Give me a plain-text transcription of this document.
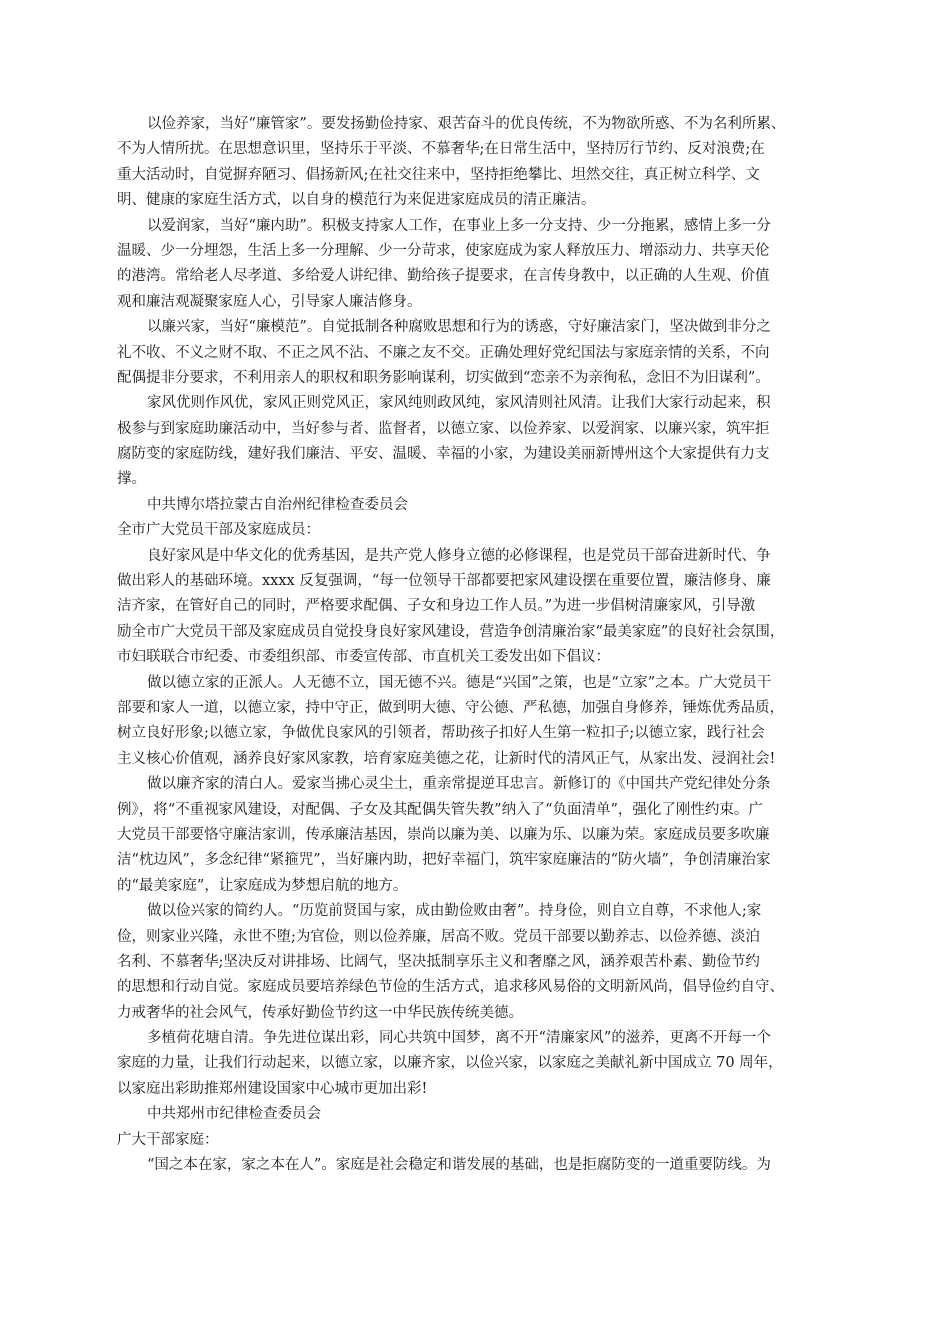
以俭养家，当好“廉管家”。要发扬勤俭持家、艰苦奋斗的优良传统，不为物欲所惑、不为名利所累、
不为人情所扰。在思想意识里，坚持乐于平淡、不慕奢华;在日常生活中，坚持厉行节约、反对浪费;在
重大活动时，自觉摒弃陋习、倡扬新风;在社交往来中，坚持拒绝攀比、坦然交往，真正树立科学、文
明、健康的家庭生活方式，以自身的模范行为来促进家庭成员的清正廉洁。
以爱润家，当好“廉内助”。积极支持家人工作，在事业上多一分支持、少一分拖累，感情上多一分
温暖、少一分埋怨，生活上多一分理解、少一分苛求，使家庭成为家人释放压力、增添动力、共享天伦
的港湾。常给老人尽孝道、多给爱人讲纪律、勤给孩子提要求，在言传身教中，以正确的人生观、价值
观和廉洁观凝聚家庭人心，引导家人廉洁修身。
以廉兴家，当好“廉模范”。自觉抵制各种腐败思想和行为的诱惑，守好廉洁家门，坚决做到非分之
礼不收、不义之财不取、不正之风不沾、不廉之友不交。正确处理好党纪国法与家庭亲情的关系，不向
配偶提非分要求，不利用亲人的职权和职务影响谋利，切实做到“恋亲不为亲徇私，念旧不为旧谋利”。
家风优则作风优，家风正则党风正，家风纯则政风纯，家风清则社风清。让我们大家行动起来，积
极参与到家庭助廉活动中，当好参与者、监督者，以德立家、以俭养家、以爱润家、以廉兴家，筑牢拒
腐防变的家庭防线，建好我们廉洁、平安、温暖、幸福的小家，为建设美丽新博州这个大家提供有力支
撑。
中共博尔塔拉蒙古自治州纪律检查委员会
全市广大党员干部及家庭成员：
良好家风是中华文化的优秀基因，是共产党人修身立德的必修课程，也是党员干部奋进新时代、争
做出彩人的基础环境。xxxx 反复强调，“每一位领导干部都要把家风建设摆在重要位置，廉洁修身、廉
洁齐家，在管好自己的同时，严格要求配偶、子女和身边工作人员。”为进一步倡树清廉家风，引导激
励全市广大党员干部及家庭成员自觉投身良好家风建设，营造争创清廉治家“最美家庭”的良好社会氛围，
市妇联联合市纪委、市委组织部、市委宣传部、市直机关工委发出如下倡议：
做以德立家的正派人。人无德不立，国无德不兴。德是“兴国”之策，也是“立家”之本。广大党员干
部要和家人一道，以德立家，持中守正，做到明大德、守公德、严私德，加强自身修养，锤炼优秀品质，
树立良好形象;以德立家，争做优良家风的引领者，帮助孩子扣好人生第一粒扣子;以德立家，践行社会
主义核心价值观，涵养良好家风家教，培育家庭美德之花，让新时代的清风正气，从家出发、浸润社会!
做以廉齐家的清白人。爱家当拂心灵尘土，重亲常提逆耳忠言。新修订的《中国共产党纪律处分条
例》，将“不重视家风建设，对配偶、子女及其配偶失管失教”纳入了“负面清单”，强化了刚性约束。广
大党员干部要恪守廉洁家训，传承廉洁基因，崇尚以廉为美、以廉为乐、以廉为荣。家庭成员要多吹廉
洁“枕边风”，多念纪律“紧箍咒”，当好廉内助，把好幸福门，筑牢家庭廉洁的“防火墙”，争创清廉治家
的“最美家庭”，让家庭成为梦想启航的地方。
做以俭兴家的简约人。“历览前贤国与家，成由勤俭败由奢”。持身俭，则自立自尊，不求他人;家
俭，则家业兴隆，永世不堕;为官俭，则以俭养廉，居高不败。党员干部要以勤养志、以俭养德、淡泊
名利、不慕奢华;坚决反对讲排场、比阔气，坚决抵制享乐主义和奢靡之风，涵养艰苦朴素、勤俭节约
的思想和行动自觉。家庭成员要培养绿色节俭的生活方式，追求移风易俗的文明新风尚，倡导俭约自守、
力戒奢华的社会风气，传承好勤俭节约这一中华民族传统美德。
多植荷花塘自清。争先进位谋出彩，同心共筑中国梦，离不开“清廉家风”的滋养，更离不开每一个
家庭的力量，让我们行动起来，以德立家，以廉齐家，以俭兴家，以家庭之美献礼新中国成立 70 周年，
以家庭出彩助推郑州建设国家中心城市更加出彩!
中共郑州市纪律检查委员会
广大干部家庭：
“国之本在家，家之本在人”。家庭是社会稳定和谐发展的基础，也是拒腐防变的一道重要防线。为
